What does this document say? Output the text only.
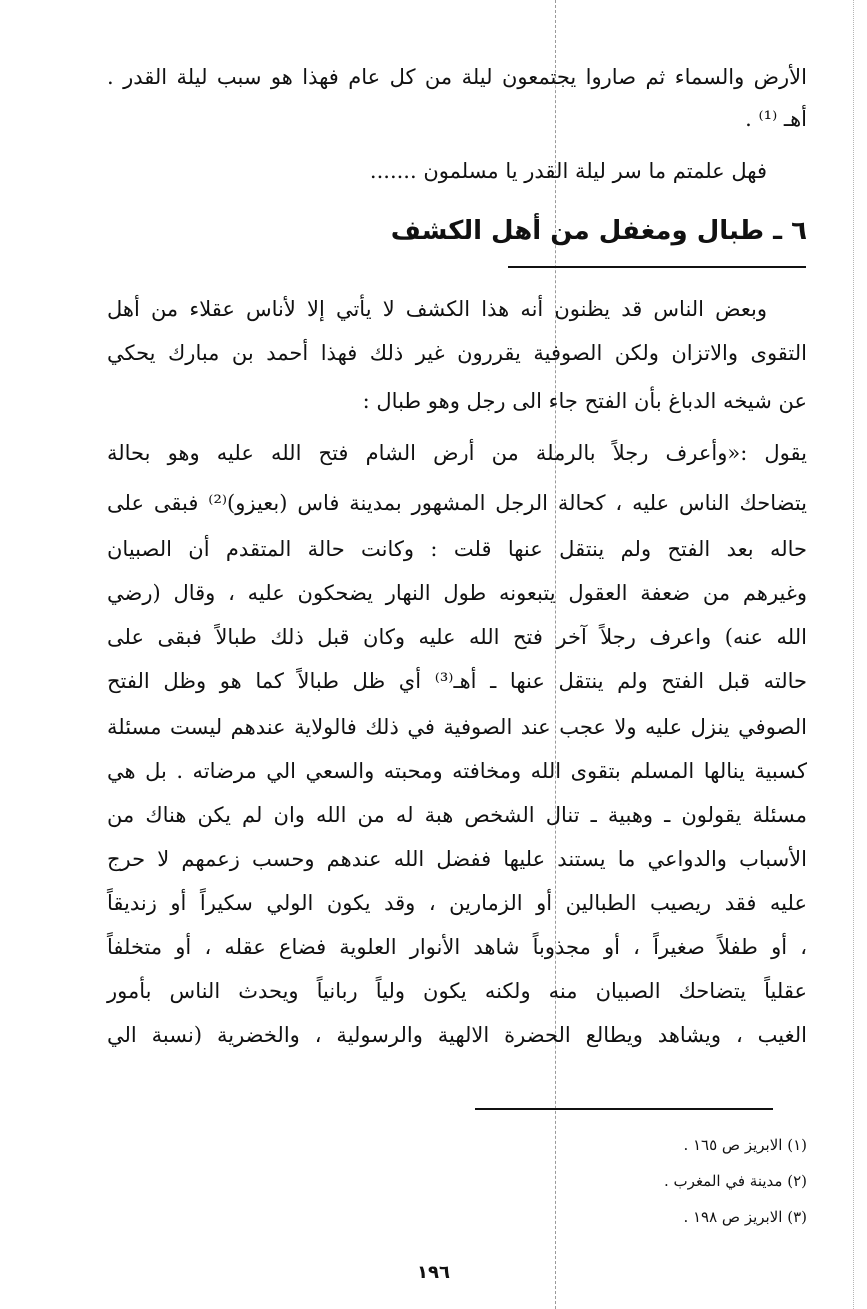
الأرض والسماء ثم صاروا يجتمعون ليلة من كل عام فهذا هو سبب ليلة القدر .
أهـ ⁽¹⁾ .
فهل علمتم ما سر ليلة القدر يا مسلمون .......
٦ ـ طبال ومغفل من أهل الكشف
وبعض الناس قد يظنون أنه هذا الكشف لا يأتي إلا لأناس عقلاء من أهل
التقوى والاتزان ولكن الصوفية يقررون غير ذلك فهذا أحمد بن مبارك يحكي
عن شيخه الدباغ بأن الفتح جاء الى رجل وهو طبال :
يقول :«وأعرف رجلاً بالرملة من أرض الشام فتح الله عليه وهو بحالة
يتضاحك الناس عليه ، كحالة الرجل المشهور بمدينة فاس (بعيزو)⁽²⁾ فبقى على
حاله بعد الفتح ولم ينتقل عنها قلت : وكانت حالة المتقدم أن الصبيان
وغيرهم من ضعفة العقول يتبعونه طول النهار يضحكون عليه ، وقال (رضي
الله عنه) واعرف رجلاً آخر فتح الله عليه وكان قبل ذلك طبالاً فبقى على
حالته قبل الفتح ولم ينتقل عنها ـ أهـ⁽³⁾ أي ظل طبالاً كما هو وظل الفتح
الصوفي ينزل عليه ولا عجب عند الصوفية في ذلك فالولاية عندهم ليست مسئلة
كسبية ينالها المسلم بتقوى الله ومخافته ومحبته والسعي الي مرضاته . بل هي
مسئلة يقولون ـ وهبية ـ تنال الشخص هبة له من الله وان لم يكن هناك من
الأسباب والدواعي ما يستند عليها ففضل الله عندهم وحسب زعمهم لا حرج
عليه فقد ريصيب الطبالين أو الزمارين ، وقد يكون الولي سكيراً أو زنديقاً
، أو طفلاً صغيراً ، أو مجذوباً شاهد الأنوار العلوية فضاع عقله ، أو متخلفاً
عقلياً يتضاحك الصبيان منه ولكنه يكون ولياً ربانياً ويحدث الناس بأمور
الغيب ، ويشاهد ويطالع الحضرة الالهية والرسولية ، والخضرية (نسبة الي
(١) الابريز ص ١٦٥ .
(٢) مدينة في المغرب .
(٣) الابريز ص ١٩٨ .
١٩٦
